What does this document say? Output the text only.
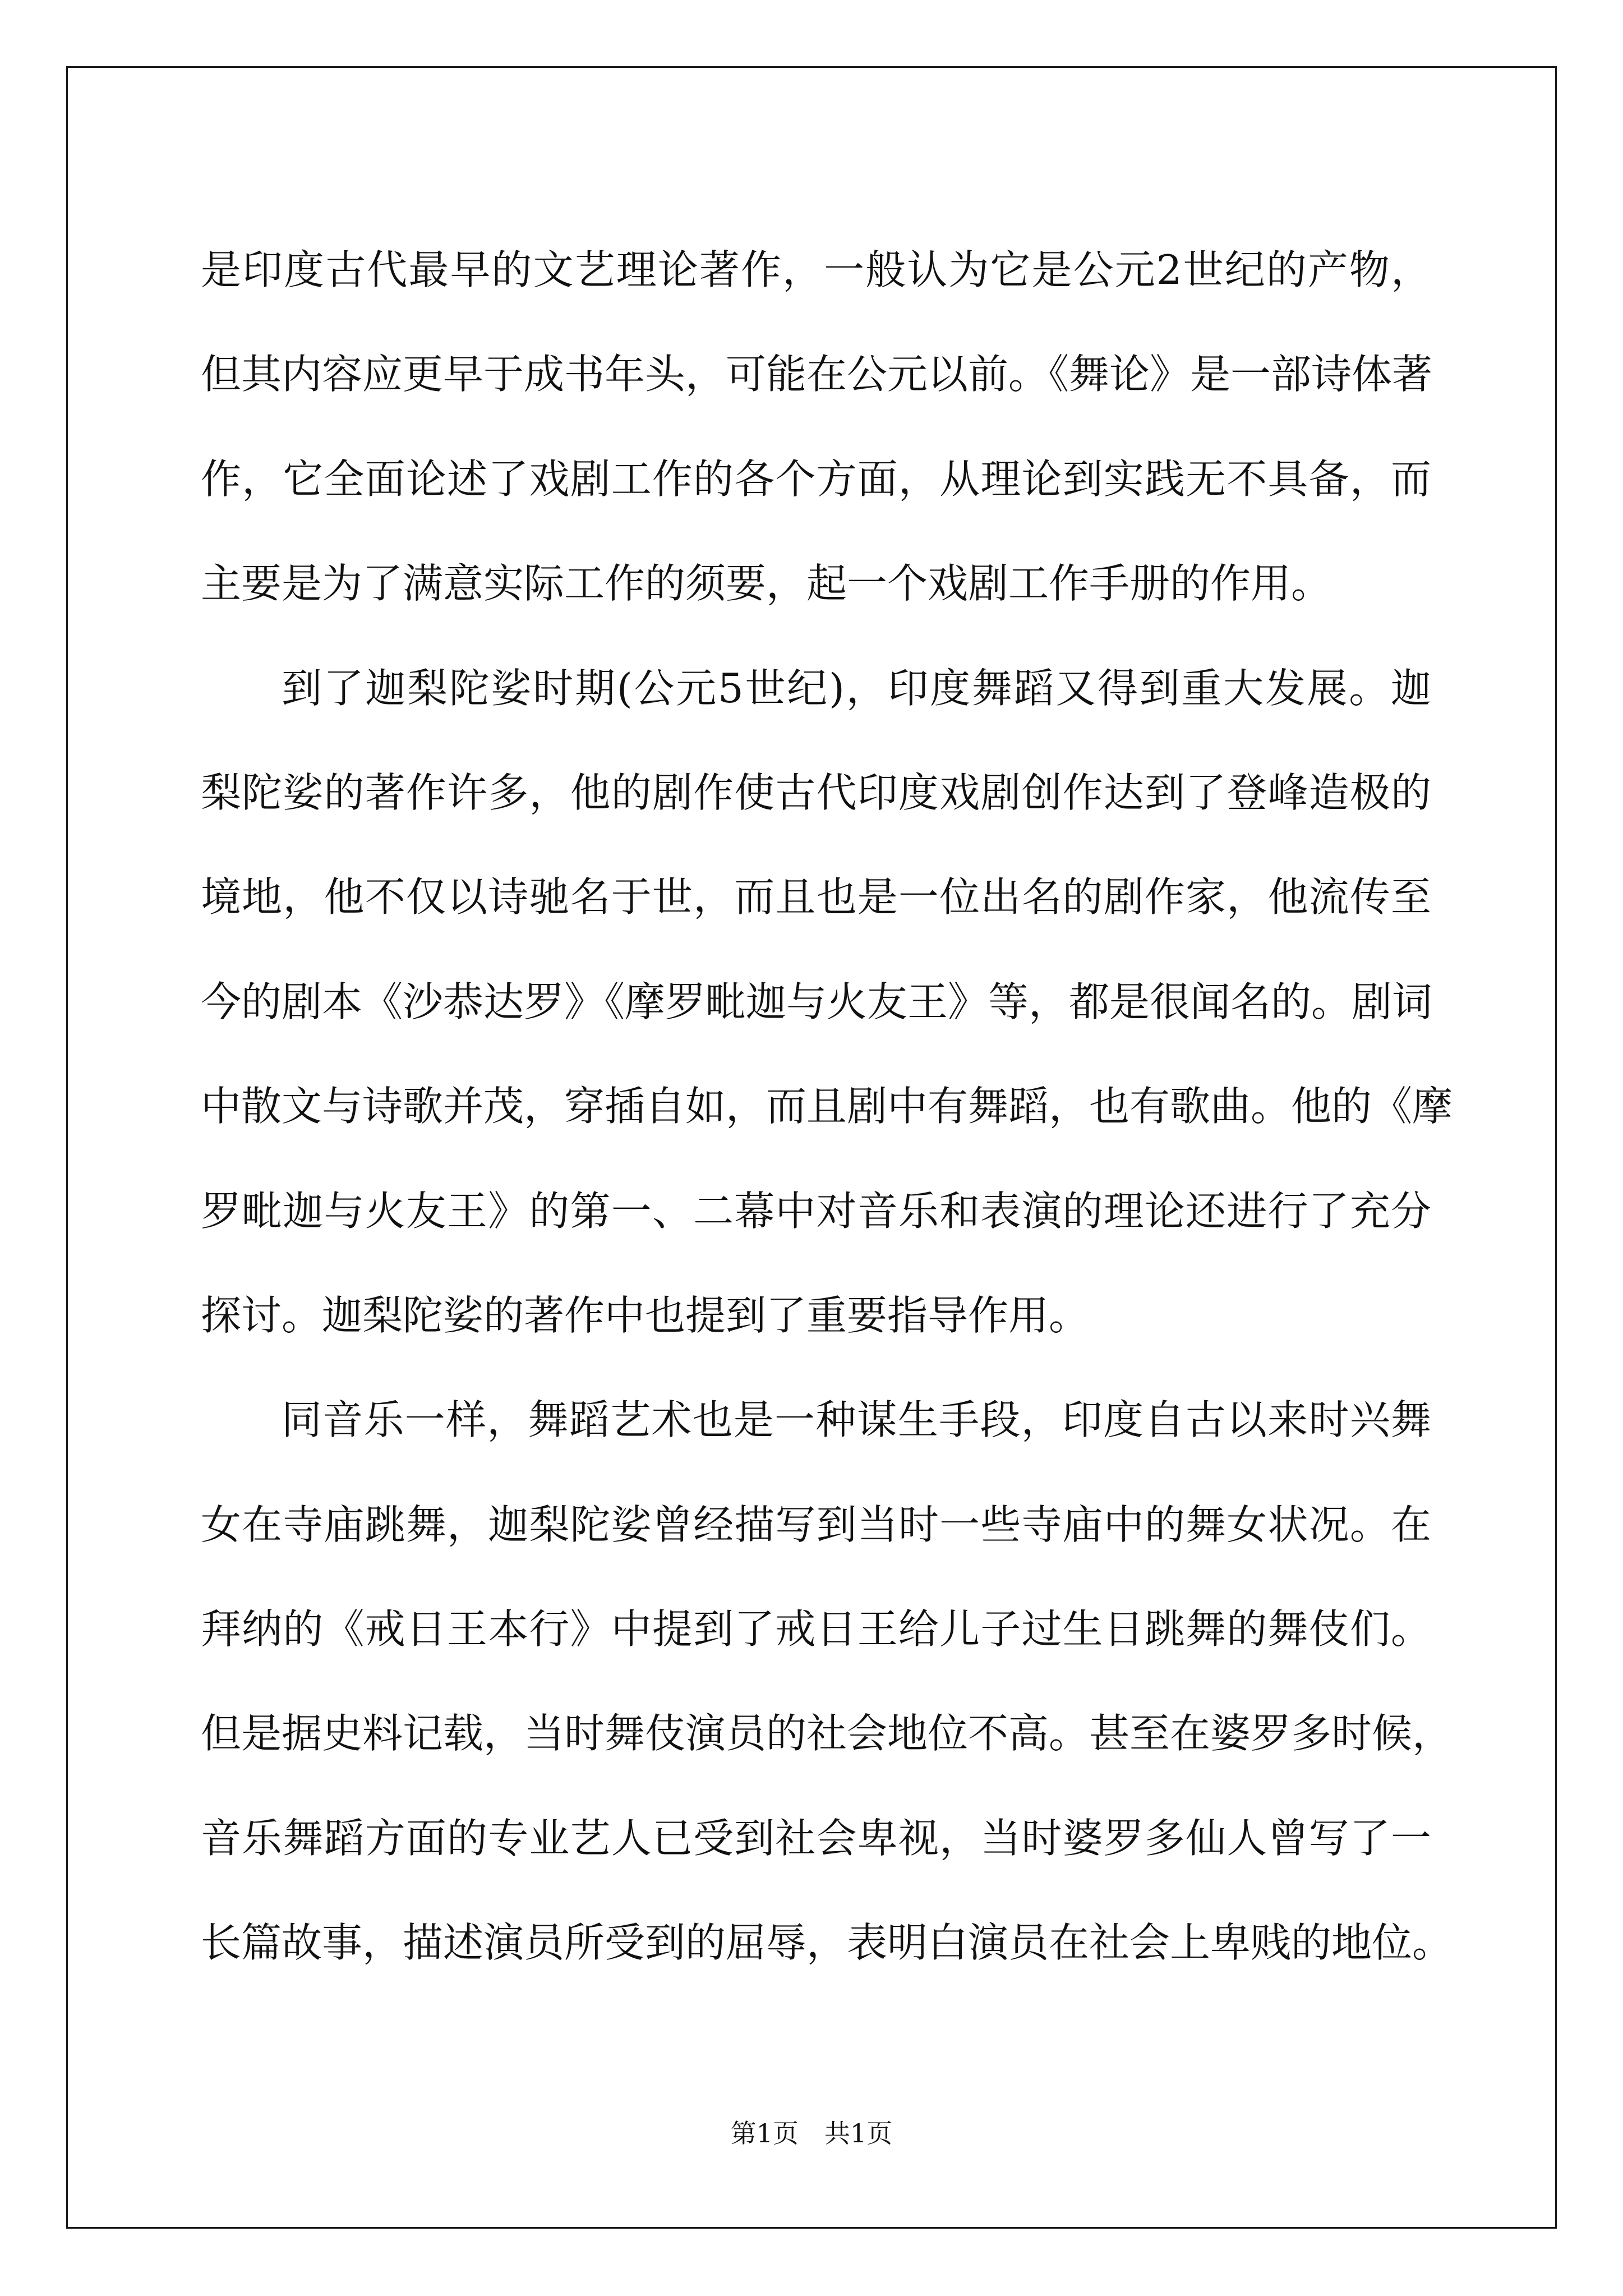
是印度古代最早的文艺理论著作，一般认为它是公元2世纪的产物，
但其内容应更早于成书年头，可能在公元以前。《舞论》是一部诗体著
作，它全面论述了戏剧工作的各个方面，从理论到实践无不具备，而
主要是为了满意实际工作的须要，起一个戏剧工作手册的作用。
到了迦梨陀娑时期(公元5世纪)，印度舞蹈又得到重大发展。迦
梨陀娑的著作许多，他的剧作使古代印度戏剧创作达到了登峰造极的
境地，他不仅以诗驰名于世，而且也是一位出名的剧作家，他流传至
今的剧本《沙恭达罗》《摩罗毗迦与火友王》等，都是很闻名的。剧词
中散文与诗歌并茂，穿插自如，而且剧中有舞蹈，也有歌曲。他的《摩
罗毗迦与火友王》的第一、二幕中对音乐和表演的理论还进行了充分
探讨。迦梨陀娑的著作中也提到了重要指导作用。
同音乐一样，舞蹈艺术也是一种谋生手段，印度自古以来时兴舞
女在寺庙跳舞，迦梨陀娑曾经描写到当时一些寺庙中的舞女状况。在
拜纳的《戒日王本行》中提到了戒日王给儿子过生日跳舞的舞伎们。
但是据史料记载，当时舞伎演员的社会地位不高。甚至在婆罗多时候，
音乐舞蹈方面的专业艺人已受到社会卑视，当时婆罗多仙人曾写了一
长篇故事，描述演员所受到的屈辱，表明白演员在社会上卑贱的地位。
第1页 共1页
